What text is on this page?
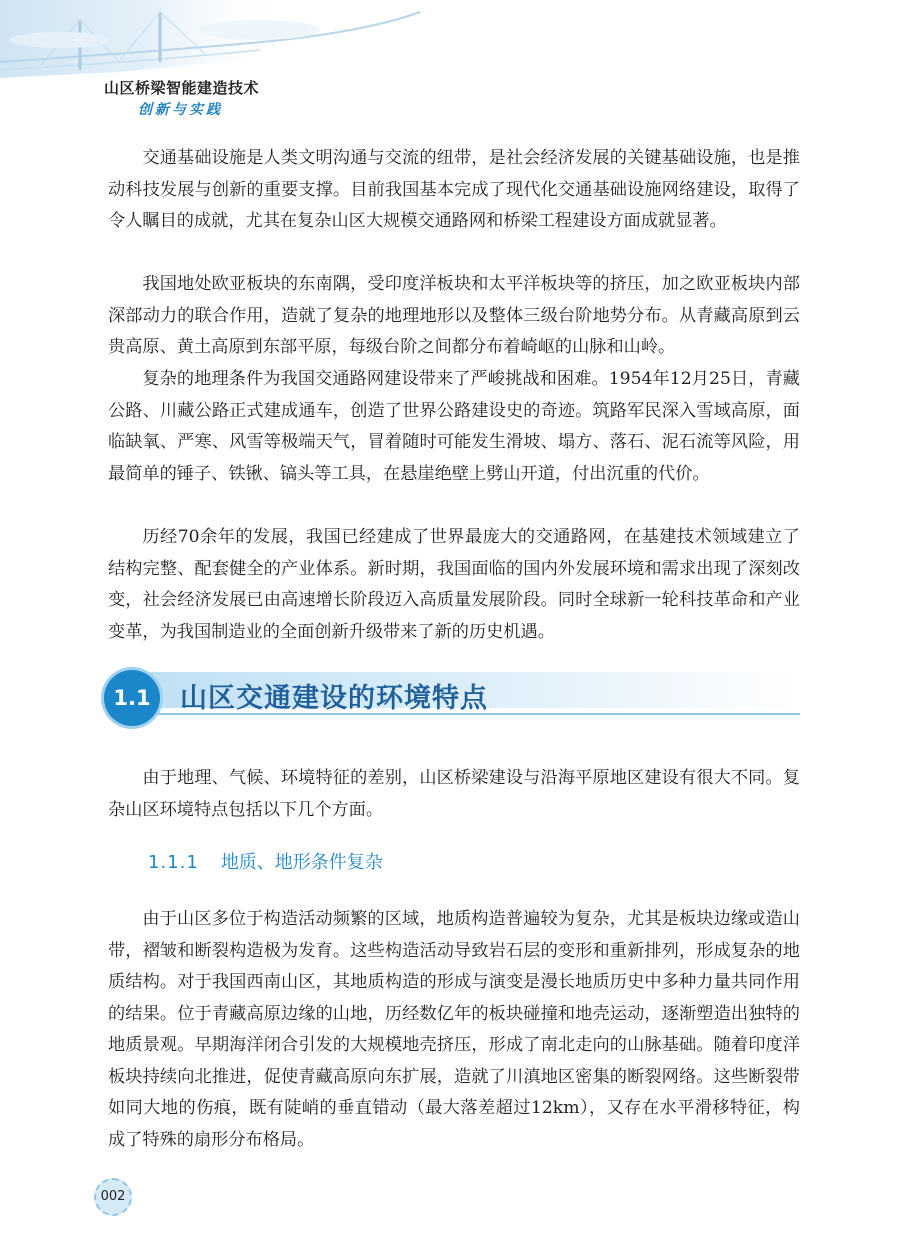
山区桥梁智能建造技术
创新与实践

交通基础设施是人类文明沟通与交流的纽带，是社会经济发展的关键基础设施，也是推动科技发展与创新的重要支撑。目前我国基本完成了现代化交通基础设施网络建设，取得了令人瞩目的成就，尤其在复杂山区大规模交通路网和桥梁工程建设方面成就显著。

我国地处欧亚板块的东南隅，受印度洋板块和太平洋板块等的挤压，加之欧亚板块内部深部动力的联合作用，造就了复杂的地理地形以及整体三级台阶地势分布。从青藏高原到云贵高原、黄土高原到东部平原，每级台阶之间都分布着崎岖的山脉和山岭。

复杂的地理条件为我国交通路网建设带来了严峻挑战和困难。1954年12月25日，青藏公路、川藏公路正式建成通车，创造了世界公路建设史的奇迹。筑路军民深入雪域高原，面临缺氧、严寒、风雪等极端天气，冒着随时可能发生滑坡、塌方、落石、泥石流等风险，用最简单的锤子、铁锹、镐头等工具，在悬崖绝壁上劈山开道，付出沉重的代价。

历经70余年的发展，我国已经建成了世界最庞大的交通路网，在基建技术领域建立了结构完整、配套健全的产业体系。新时期，我国面临的国内外发展环境和需求出现了深刻改变，社会经济发展已由高速增长阶段迈入高质量发展阶段。同时全球新一轮科技革命和产业变革，为我国制造业的全面创新升级带来了新的历史机遇。

1.1	山区交通建设的环境特点

由于地理、气候、环境特征的差别，山区桥梁建设与沿海平原地区建设有很大不同。复杂山区环境特点包括以下几个方面。

1.1.1 地质、地形条件复杂

由于山区多位于构造活动频繁的区域，地质构造普遍较为复杂，尤其是板块边缘或造山带，褶皱和断裂构造极为发育。这些构造活动导致岩石层的变形和重新排列，形成复杂的地质结构。对于我国西南山区，其地质构造的形成与演变是漫长地质历史中多种力量共同作用的结果。位于青藏高原边缘的山地，历经数亿年的板块碰撞和地壳运动，逐渐塑造出独特的地质景观。早期海洋闭合引发的大规模地壳挤压，形成了南北走向的山脉基础。随着印度洋板块持续向北推进，促使青藏高原向东扩展，造就了川滇地区密集的断裂网络。这些断裂带如同大地的伤痕，既有陡峭的垂直错动（最大落差超过12km），又存在水平滑移特征，构成了特殊的扇形分布格局。

002
